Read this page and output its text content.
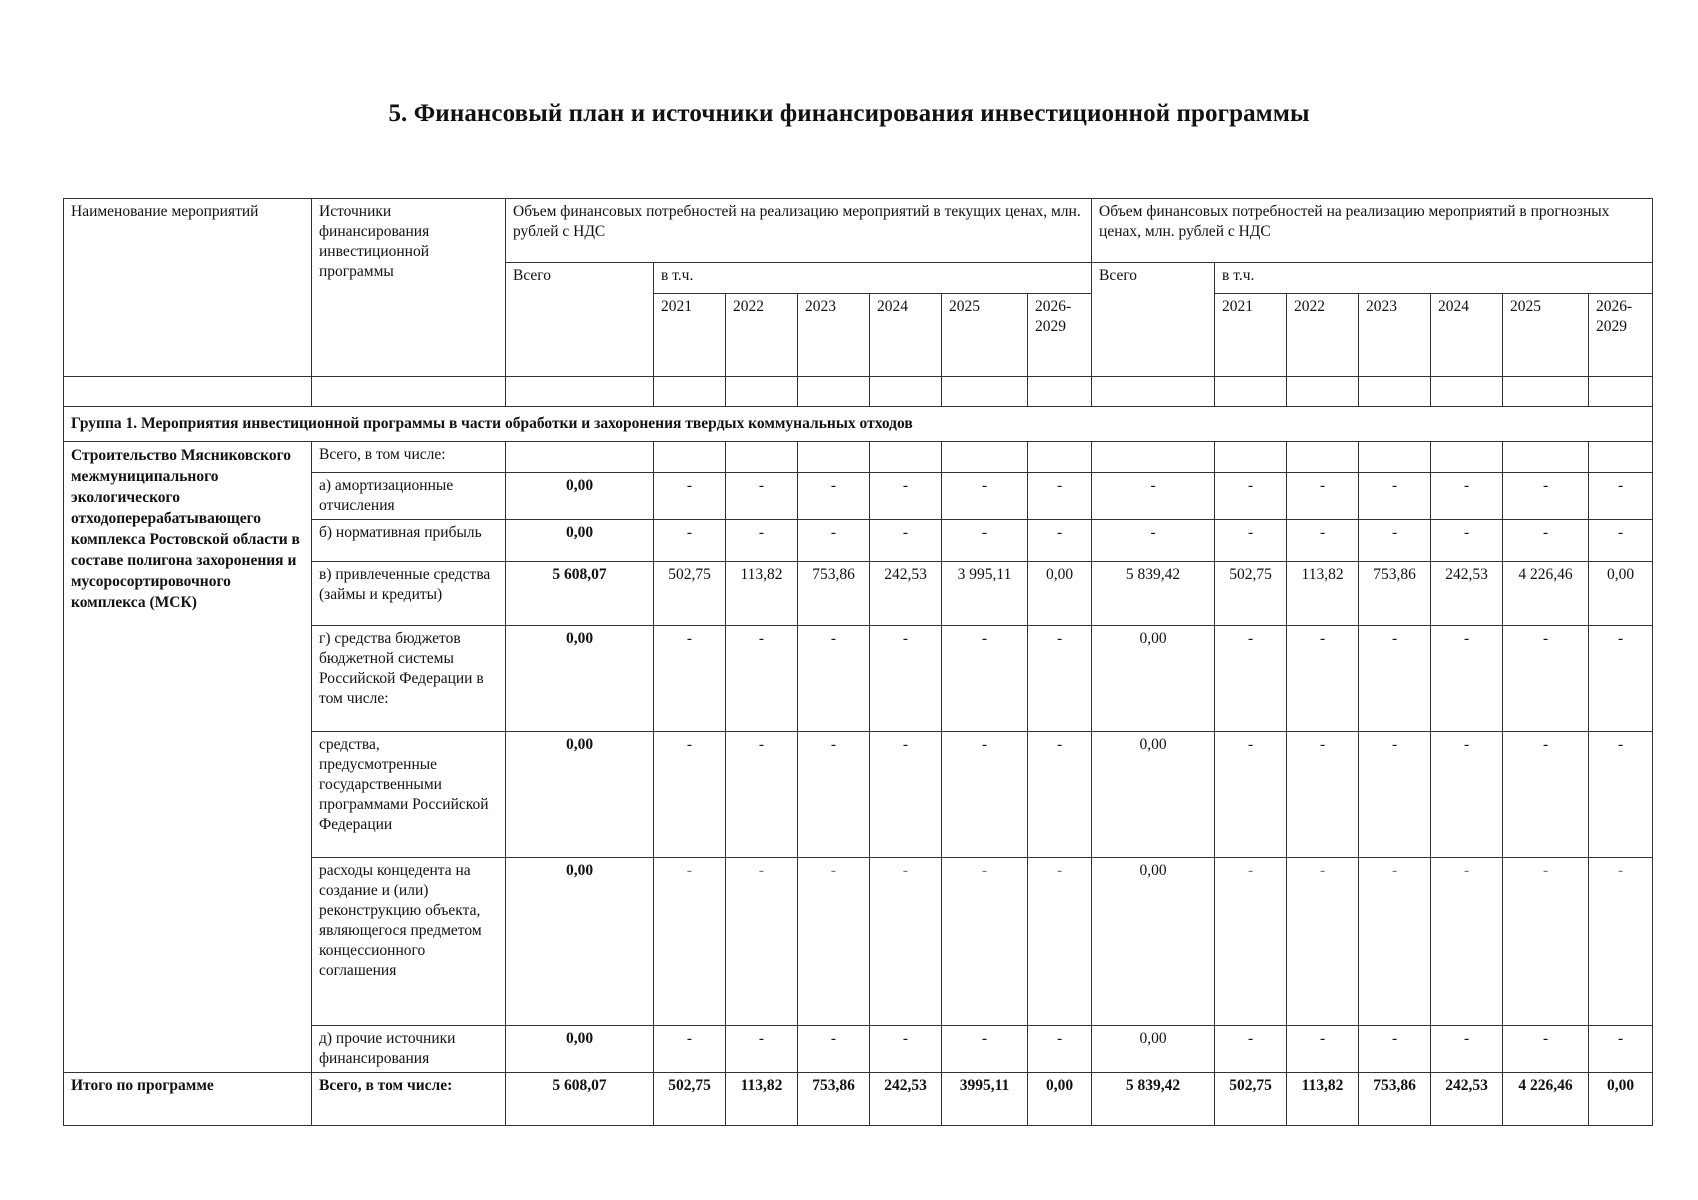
5. Финансовый план и источники финансирования инвестиционной программы
Наименование мероприятий	Источники финансирования инвестиционной программы	Объем финансовых потребностей на реализацию мероприятий в текущих ценах, млн. рублей с НДС							Объем финансовых потребностей на реализацию мероприятий в прогнозных ценах, млн. рублей с НДС						
		Всего	в т.ч.						Всего	в т.ч.					
			2021	2022	2023	2024	2025	2026-2029		2021	2022	2023	2024	2025	2026-2029

Группа 1. Мероприятия инвестиционной программы в части обработки и захоронения твердых коммунальных отходов															
Строительство Мясниковского межмуниципального экологического отходоперерабатывающего комплекса Ростовской области в составе полигона захоронения и мусоросортировочного комплекса (МСК)	Всего, в том числе:														
	а) амортизационные отчисления	0,00	-	-	-	-	-	-	-	-	-	-	-	-	-
	б) нормативная прибыль	0,00	-	-	-	-	-	-	-	-	-	-	-	-	-
	в) привлеченные средства (займы и кредиты)	5 608,07	502,75	113,82	753,86	242,53	3 995,11	0,00	5 839,42	502,75	113,82	753,86	242,53	4 226,46	0,00
	г) средства бюджетов бюджетной системы Российской Федерации в том числе:	0,00	-	-	-	-	-	-	0,00	-	-	-	-	-	-
	средства, предусмотренные государственными программами Российской Федерации	0,00	-	-	-	-	-	-	0,00	-	-	-	-	-	-
	расходы концедента на создание и (или) реконструкцию объекта, являющегося предметом концессионного соглашения	0,00	-	-	-	-	-	-	0,00	-	-	-	-	-	-
	д) прочие источники финансирования	0,00	-	-	-	-	-	-	0,00	-	-	-	-	-	-
Итого по программе	Всего, в том числе:	5 608,07	502,75	113,82	753,86	242,53	3995,11	0,00	5 839,42	502,75	113,82	753,86	242,53	4 226,46	0,00
